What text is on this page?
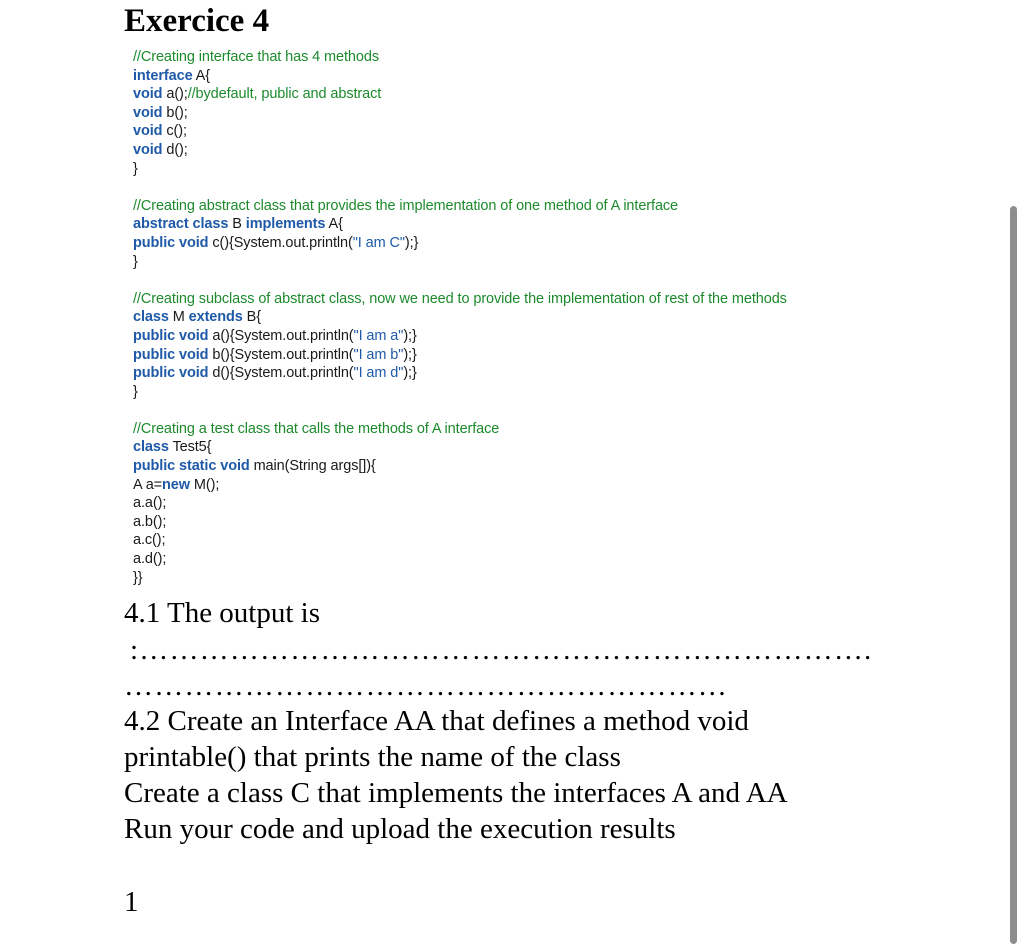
Exercice 4
//Creating interface that has 4 methods
interface A{
void a();//bydefault, public and abstract
void b();
void c();
void d();
}
//Creating abstract class that provides the implementation of one method of A interface
abstract class B implements A{
public void c(){System.out.println("I am C");}
}
//Creating subclass of abstract class, now we need to provide the implementation of rest of the methods
class M extends B{
public void a(){System.out.println("I am a");}
public void b(){System.out.println("I am b");}
public void d(){System.out.println("I am d");}
}
//Creating a test class that calls the methods of A interface
class Test5{
public static void main(String args[]){
A a=new M();
a.a();
a.b();
a.c();
a.d();
}}
4.1 The output is
:……………………………………………………………….
……………………………………………………
4.2 Create an Interface AA that defines a method void
printable() that prints the name of the class
Create a class C that implements the interfaces A and AA
Run your code and upload the execution results
1
